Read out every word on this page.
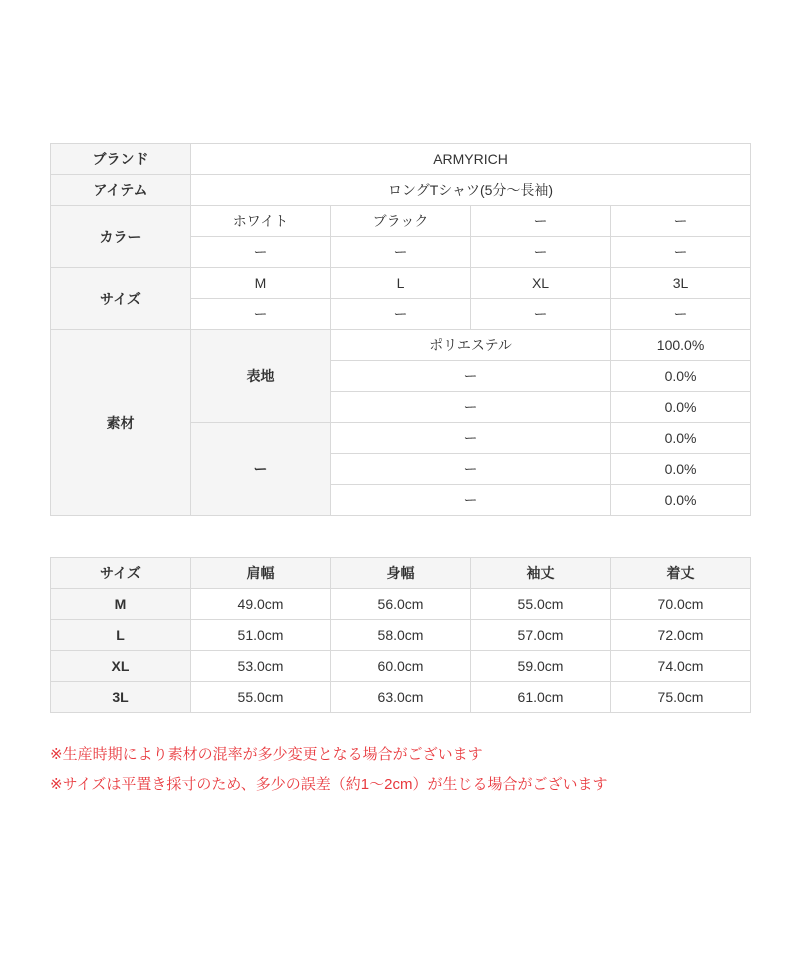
ブランド	ARMYRICH			
アイテム	ロングTシャツ(5分～長袖)			
カラー	ホワイト	ブラック	ー	ー
	ー	ー	ー	ー
サイズ	M	L	XL	3L
	ー	ー	ー	ー
素材	表地	ポリエステル		100.0%
		ー		0.0%
		ー		0.0%
	ー	ー		0.0%
		ー		0.0%
		ー		0.0%
サイズ	肩幅	身幅	袖丈	着丈
M	49.0cm	56.0cm	55.0cm	70.0cm
L	51.0cm	58.0cm	57.0cm	72.0cm
XL	53.0cm	60.0cm	59.0cm	74.0cm
3L	55.0cm	63.0cm	61.0cm	75.0cm
※生産時期により素材の混率が多少変更となる場合がございます
※サイズは平置き採寸のため、多少の誤差（約1～2cm）が生じる場合がございます
